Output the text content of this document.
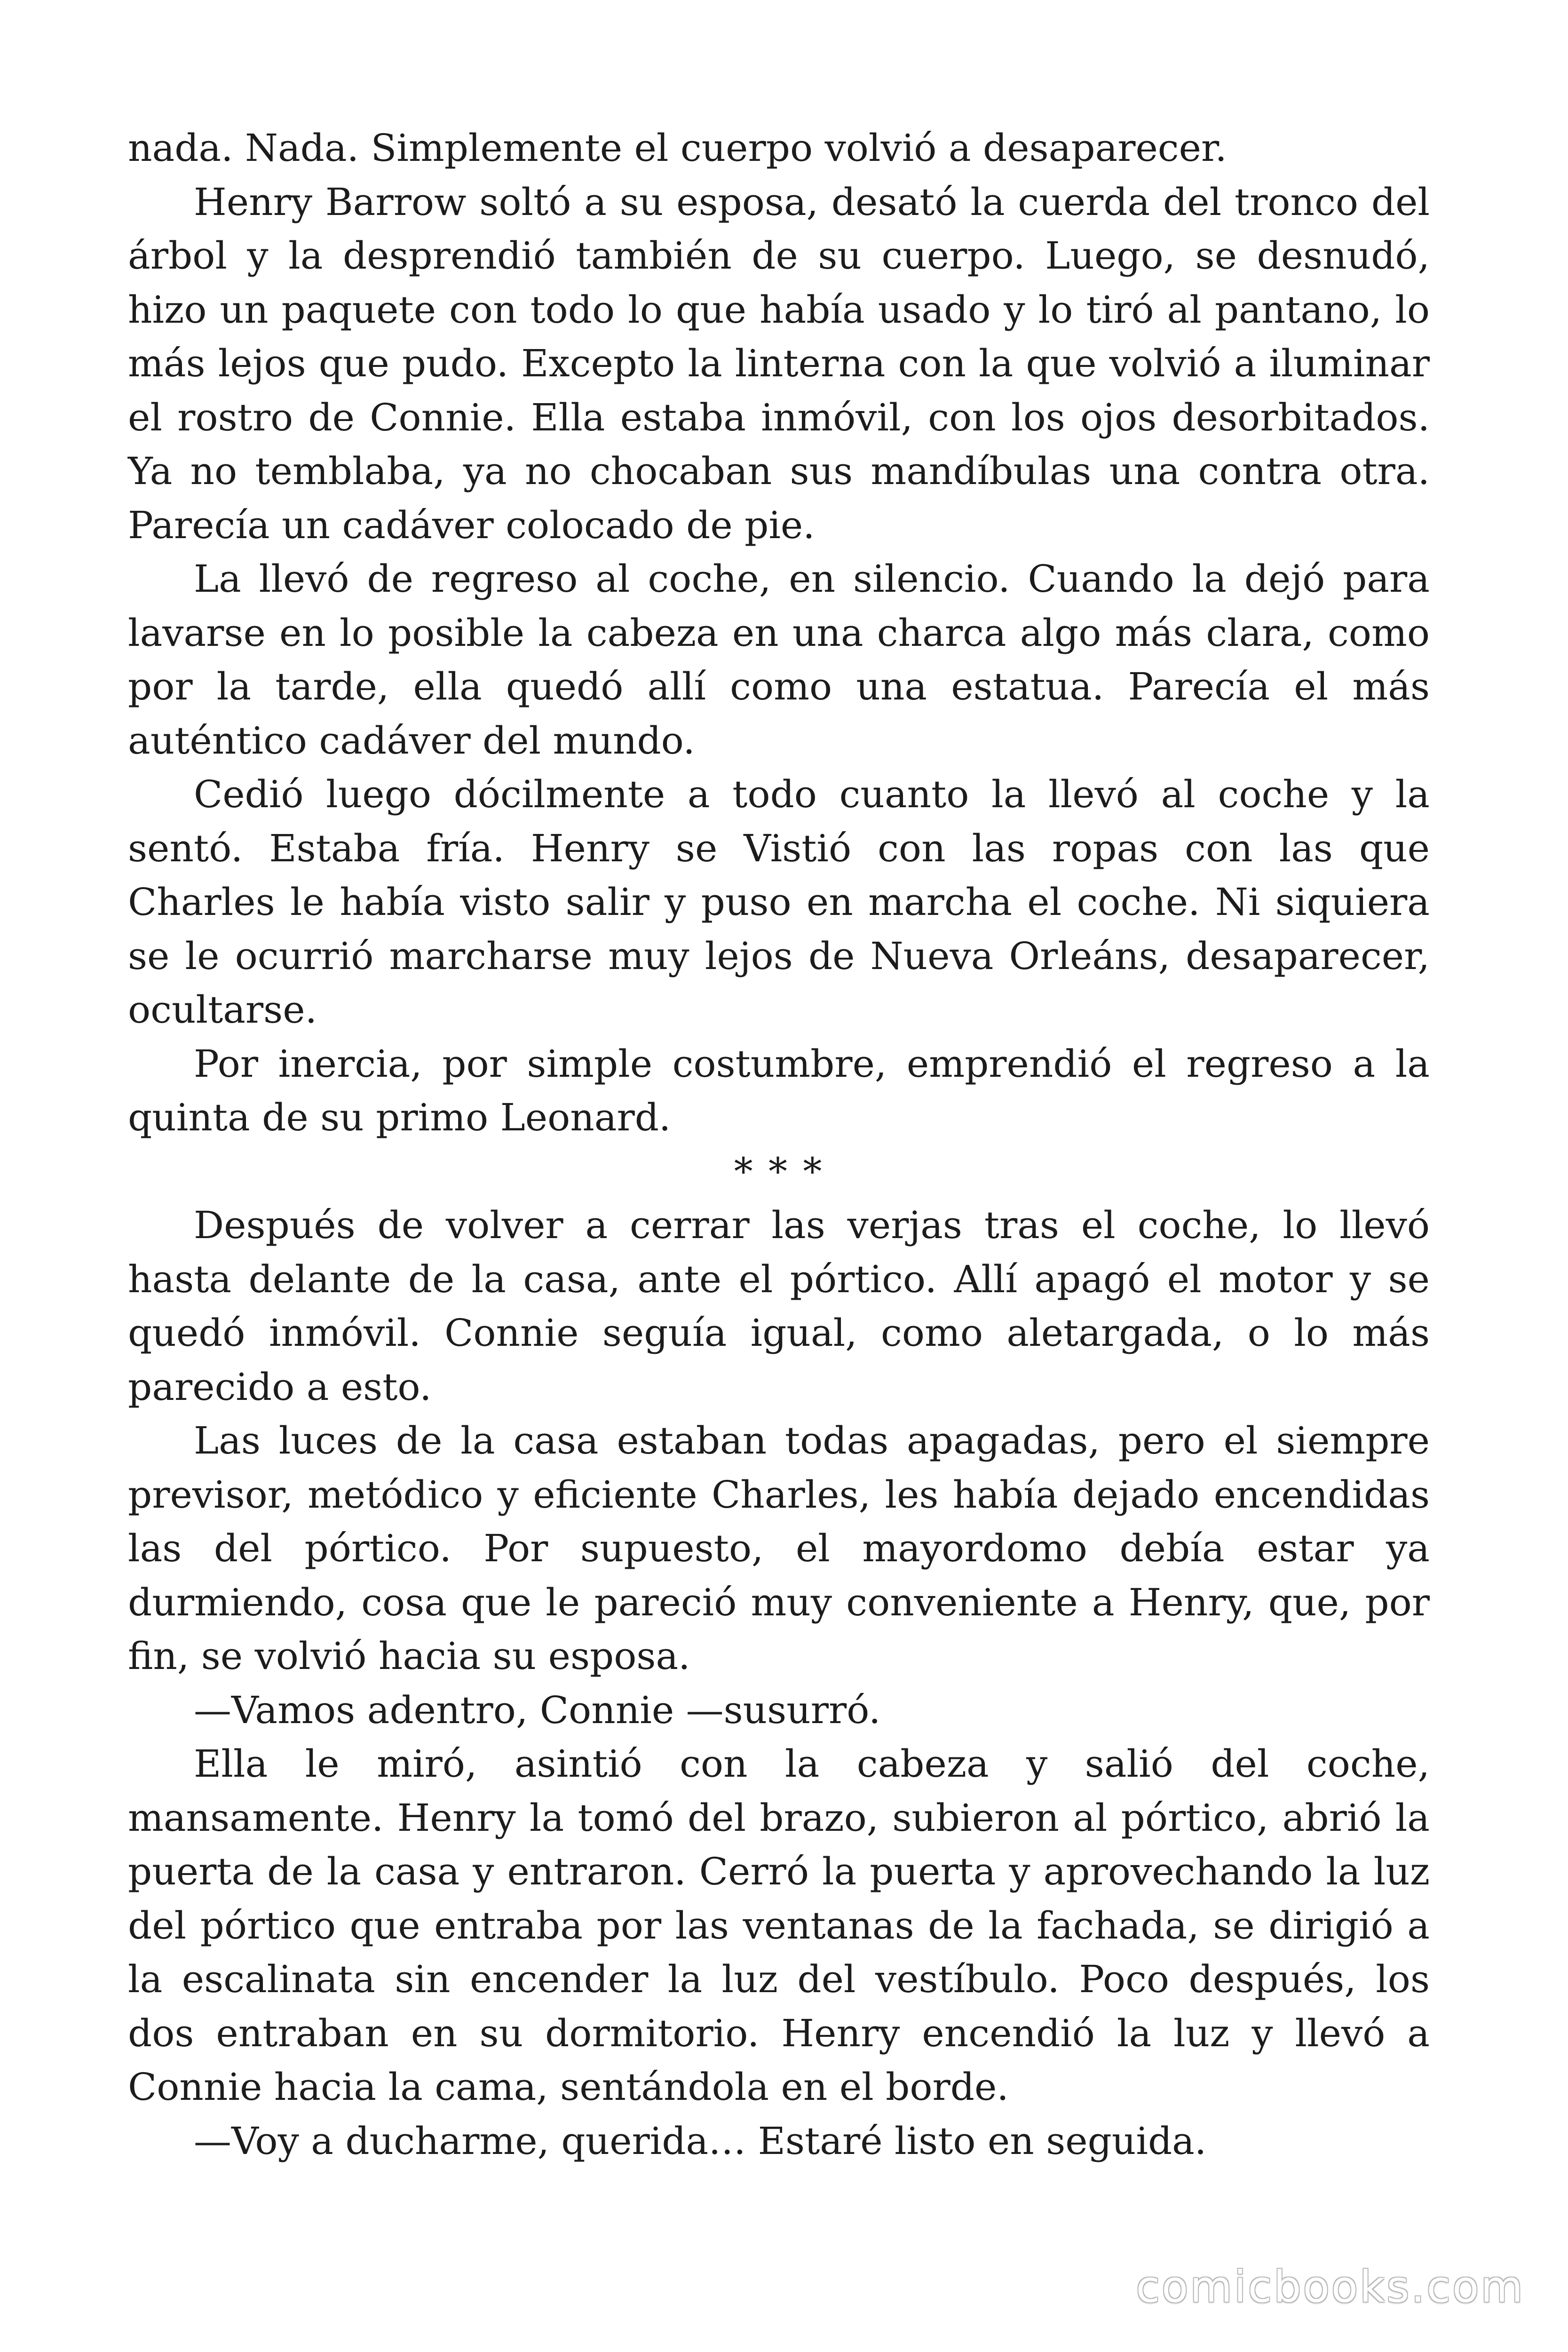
nada. Nada. Simplemente el cuerpo volvió a desaparecer.

Henry Barrow soltó a su esposa, desató la cuerda del tronco del árbol y la desprendió también de su cuerpo. Luego, se desnudó, hizo un paquete con todo lo que había usado y lo tiró al pantano, lo más lejos que pudo. Excepto la linterna con la que volvió a iluminar el rostro de Connie. Ella estaba inmóvil, con los ojos desorbitados. Ya no temblaba, ya no chocaban sus mandíbulas una contra otra. Parecía un cadáver colocado de pie.

La llevó de regreso al coche, en silencio. Cuando la dejó para lavarse en lo posible la cabeza en una charca algo más clara, como por la tarde, ella quedó allí como una estatua. Parecía el más auténtico cadáver del mundo.

Cedió luego dócilmente a todo cuanto la llevó al coche y la sentó. Estaba fría. Henry se Vistió con las ropas con las que Charles le había visto salir y puso en marcha el coche. Ni siquiera se le ocurrió marcharse muy lejos de Nueva Orleáns, desaparecer, ocultarse.

Por inercia, por simple costumbre, emprendió el regreso a la quinta de su primo Leonard.

* * *

Después de volver a cerrar las verjas tras el coche, lo llevó hasta delante de la casa, ante el pórtico. Allí apagó el motor y se quedó inmóvil. Connie seguía igual, como aletargada, o lo más parecido a esto.

Las luces de la casa estaban todas apagadas, pero el siempre previsor, metódico y eficiente Charles, les había dejado encendidas las del pórtico. Por supuesto, el mayordomo debía estar ya durmiendo, cosa que le pareció muy conveniente a Henry, que, por fin, se volvió hacia su esposa.

—Vamos adentro, Connie —susurró.

Ella le miró, asintió con la cabeza y salió del coche, mansamente. Henry la tomó del brazo, subieron al pórtico, abrió la puerta de la casa y entraron. Cerró la puerta y aprovechando la luz del pórtico que entraba por las ventanas de la fachada, se dirigió a la escalinata sin encender la luz del vestíbulo. Poco después, los dos entraban en su dormitorio. Henry encendió la luz y llevó a Connie hacia la cama, sentándola en el borde.

—Voy a ducharme, querida… Estaré listo en seguida.

comicbooks.com
